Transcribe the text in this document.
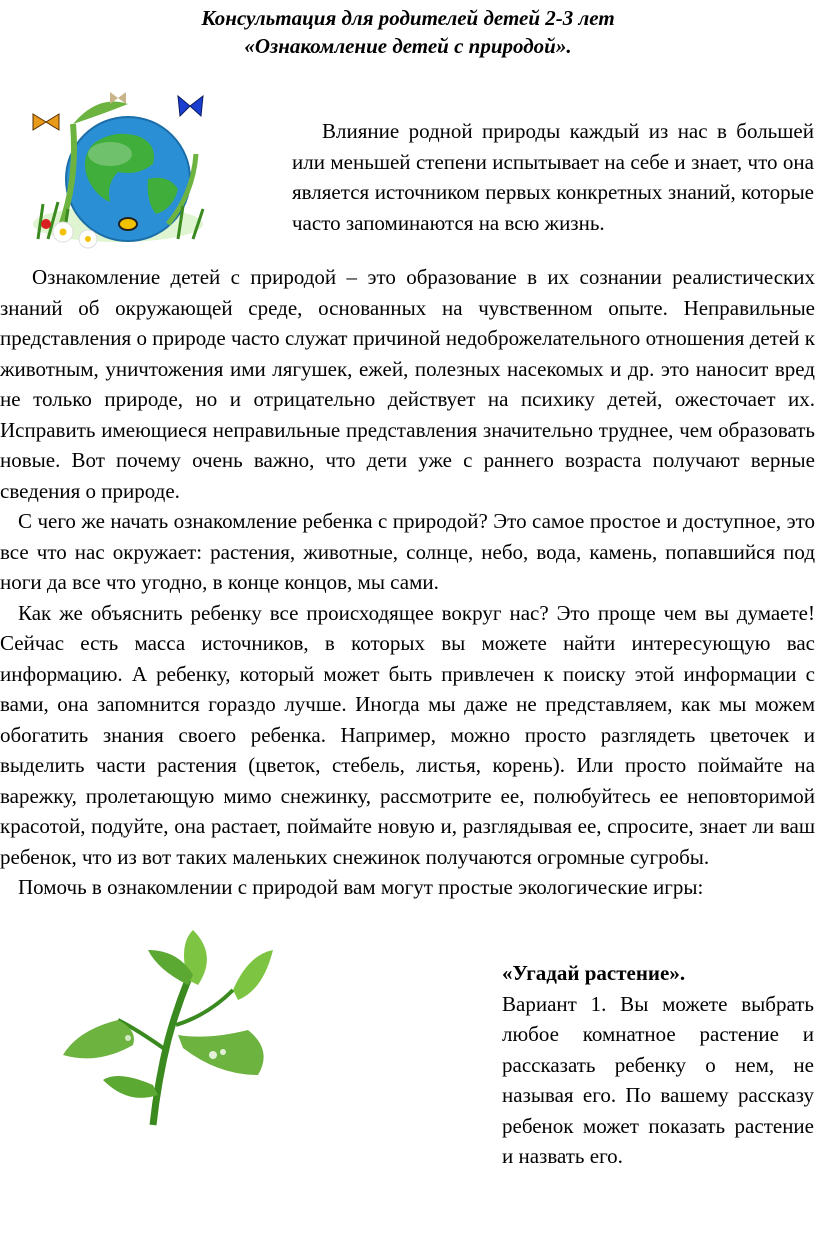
Консультация для родителей детей 2-3 лет
«Ознакомление детей с природой».

Влияние родной природы каждый из нас в большей или меньшей степени испытывает на себе и знает, что она является источником первых конкретных знаний, которые часто запоминаются на всю жизнь.

Ознакомление детей с природой – это образование в их сознании реалистических знаний об окружающей среде, основанных на чувственном опыте. Неправильные представления о природе часто служат причиной недоброжелательного отношения детей к животным, уничтожения ими лягушек, ежей, полезных насекомых и др. это наносит вред не только природе, но и отрицательно действует на психику детей, ожесточает их. Исправить имеющиеся неправильные представления значительно труднее, чем образовать новые. Вот почему очень важно, что дети уже с раннего возраста получают верные сведения о природе.

С чего же начать ознакомление ребенка с природой? Это самое простое и доступное, это все что нас окружает: растения, животные, солнце, небо, вода, камень, попавшийся под ноги да все что угодно, в конце концов, мы сами.

Как же объяснить ребенку все происходящее вокруг нас? Это проще чем вы думаете! Сейчас есть масса источников, в которых вы можете найти интересующую вас информацию. А ребенку, который может быть привлечен к поиску этой информации с вами, она запомнится гораздо лучше. Иногда мы даже не представляем, как мы можем обогатить знания своего ребенка. Например, можно просто разглядеть цветочек и выделить части растения (цветок, стебель, листья, корень). Или просто поймайте на варежку, пролетающую мимо снежинку, рассмотрите ее, полюбуйтесь ее неповторимой красотой, подуйте, она растает, поймайте новую и, разглядывая ее, спросите, знает ли ваш ребенок, что из вот таких маленьких снежинок получаются огромные сугробы.

Помочь в ознакомлении с природой вам могут простые экологические игры:

«Угадай растение».

Вариант 1. Вы можете выбрать любое комнатное растение и рассказать ребенку о нем, не называя его. По вашему рассказу ребенок может показать растение и назвать его.
